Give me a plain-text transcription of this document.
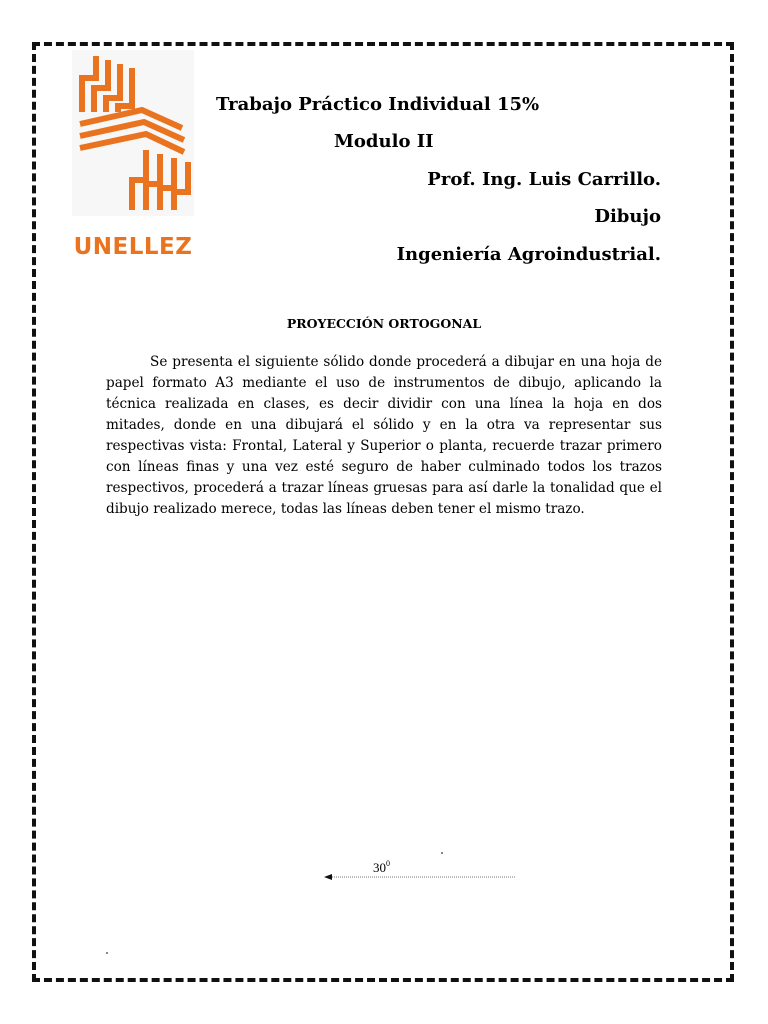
UNELLEZ
Trabajo Práctico Individual 15%
Modulo II
Prof. Ing. Luis Carrillo.
Dibujo
Ingeniería Agroindustrial.
PROYECCIÓN ORTOGONAL

Se presenta el siguiente sólido donde procederá a dibujar en una hoja de papel formato A3 mediante el uso de instrumentos de dibujo, aplicando la técnica realizada en clases, es decir dividir con una línea la hoja en dos mitades, donde en una dibujará el sólido y en la otra va representar sus respectivas vista: Frontal, Lateral y Superior o planta, recuerde trazar primero con líneas finas y una vez esté seguro de haber culminado todos los trazos respectivos, procederá a trazar líneas gruesas para así darle la tonalidad que el dibujo realizado merece, todas las líneas deben tener el mismo trazo.

$30^0$
